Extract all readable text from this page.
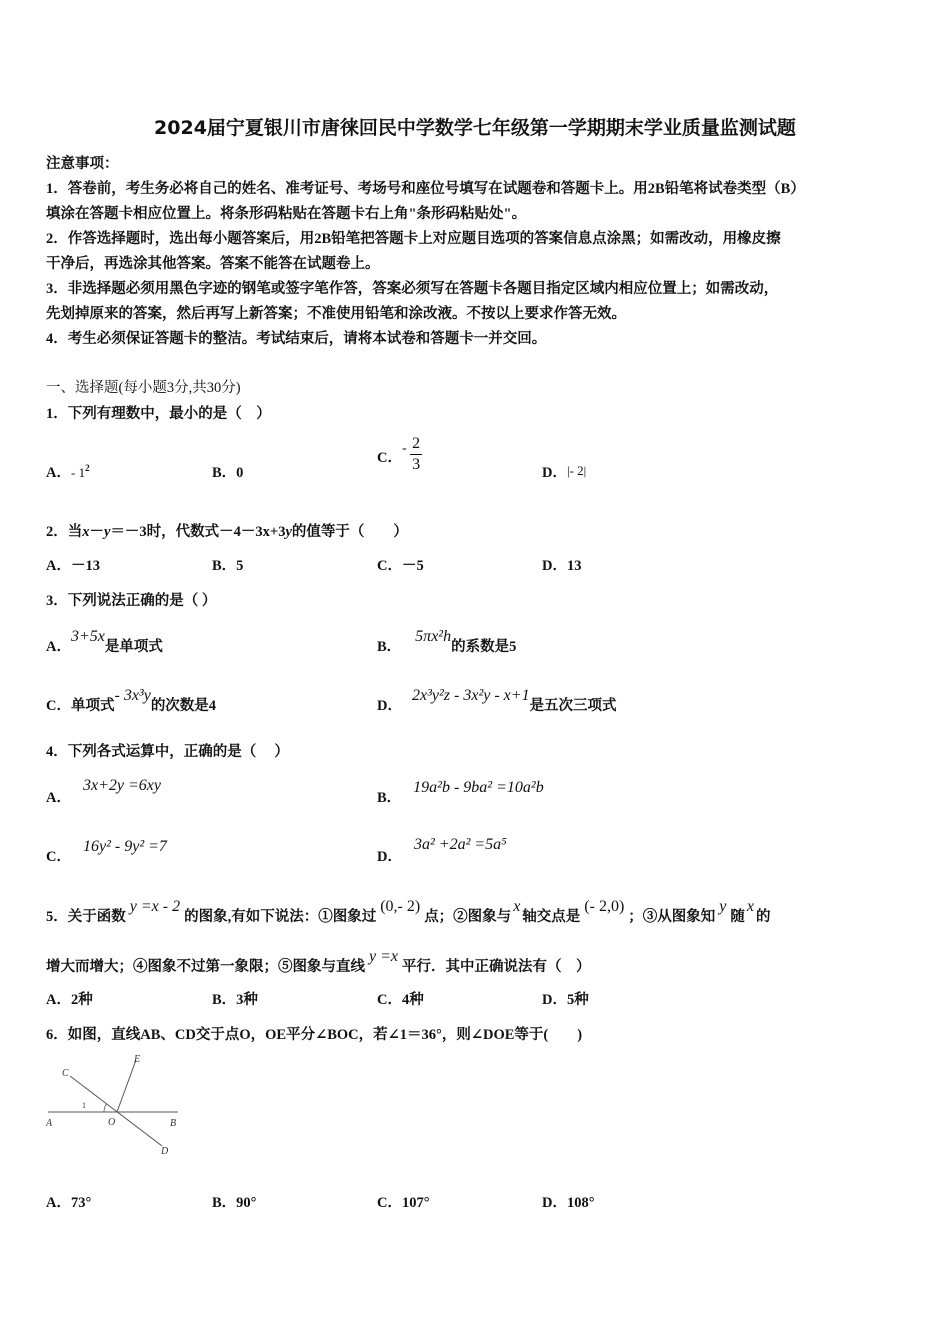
2024届宁夏银川市唐徕回民中学数学七年级第一学期期末学业质量监测试题
注意事项：
1．答卷前，考生务必将自己的姓名、准考证号、考场号和座位号填写在试题卷和答题卡上。用2B铅笔将试卷类型（B）
填涂在答题卡相应位置上。将条形码粘贴在答题卡右上角"条形码粘贴处"。
2．作答选择题时，选出每小题答案后，用2B铅笔把答题卡上对应题目选项的答案信息点涂黑；如需改动，用橡皮擦
干净后，再选涂其他答案。答案不能答在试题卷上。
3．非选择题必须用黑色字迹的钢笔或签字笔作答，答案必须写在答题卡各题目指定区域内相应位置上；如需改动，
先划掉原来的答案，然后再写上新答案；不准使用铅笔和涂改液。不按以上要求作答无效。
4．考生必须保证答题卡的整洁。考试结束后，请将本试卷和答题卡一并交回。
一、选择题(每小题3分,共30分)
1．下列有理数中，最小的是（　）
A．- $1^2$	B．0
C．- $\frac{2}{3}$	D．|- 2|
2．当x－y＝－3时，代数式－4－3x+3y的值等于（　　）
A．－13	B．5	C．－5	D．13
3．下列说法正确的是（ ）
A．3+5x是单项式	B．5πx²h的系数是5
C．单项式- 3x³y的次数是4	D．2x³y²z - 3x²y - x+1是五次三项式
4．下列各式运算中，正确的是（　 ）
A．3x+2y =6xy
B．19a²b - 9ba² =10a²b
C．16y² - 9y² =7
D．3a² +2a² =5a⁵
5．关于函数y =x - 2的图象,有如下说法：①图象过(0,- 2)点；②图象与x轴交点是(- 2,0)；③从图象知y随x的
增大而增大；④图象不过第一象限；⑤图象与直线y =x平行．其中正确说法有（　）
A．2种	B．3种	C．4种	D．5种
6．如图，直线AB、CD交于点O，OE平分∠BOC，若∠1＝36°，则∠DOE等于(　　)
A	B
C
D
E
O
1
A．73°	B．90°	C．107°	D．108°
